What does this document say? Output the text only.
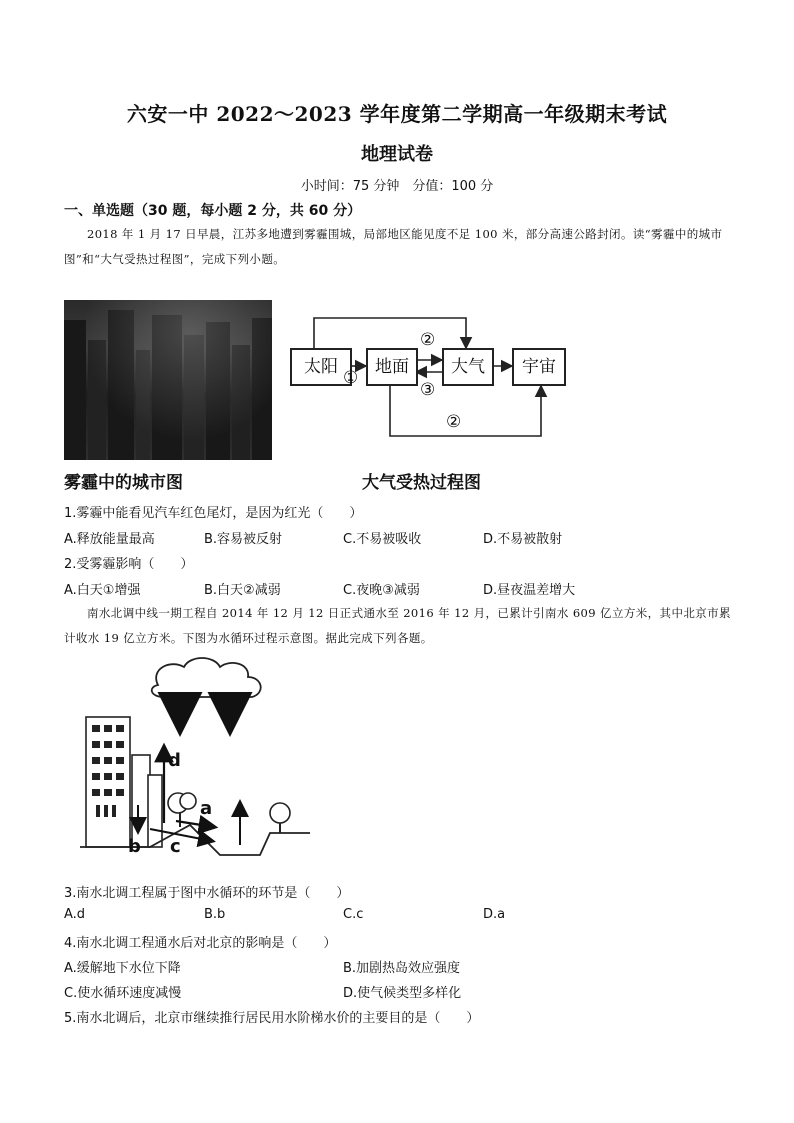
六安一中 2022～2023 学年度第二学期高一年级期末考试
地理试卷
小时间：75 分钟　分值：100 分
一、单选题（30 题，每小题 2 分，共 60 分）
2018 年 1 月 17 日早晨，江苏多地遭到雾霾围城，局部地区能见度不足 100 米，部分高速公路封闭。读“雾霾中的城市图”和“大气受热过程图”，完成下列小题。
雾霾中的城市图
太阳	地面	大气	宇宙
①
②
③
②
大气受热过程图
1.雾霾中能看见汽车红色尾灯，是因为红光（　　）
A.释放能量最高	B.容易被反射	C.不易被吸收	D.不易被散射
2.受雾霾影响（　　）
A.白天①增强	B.白天②减弱	C.夜晚③减弱	D.昼夜温差增大
南水北调中线一期工程自 2014 年 12 月 12 日正式通水至 2016 年 12 月，已累计引南水 609 亿立方米，其中北京市累计收水 19 亿立方米。下图为水循环过程示意图。据此完成下列各题。
c
d
a
b c
3.南水北调工程属于图中水循环的环节是（　　）
A.d	B.b	C.c	D.a
4.南水北调工程通水后对北京的影响是（　　）
A.缓解地下水位下降	B.加剧热岛效应强度
C.使水循环速度减慢	D.使气候类型多样化
5.南水北调后，北京市继续推行居民用水阶梯水价的主要目的是（　　）
